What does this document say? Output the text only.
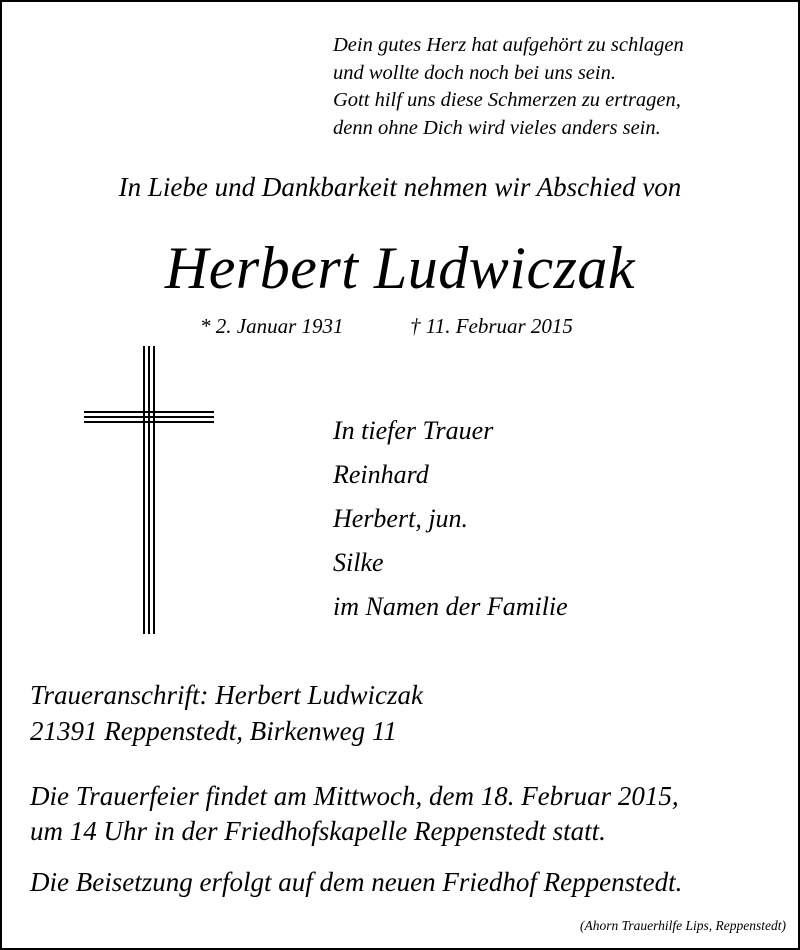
Dein gutes Herz hat aufgehört zu schlagen
und wollte doch noch bei uns sein.
Gott hilf uns diese Schmerzen zu ertragen,
denn ohne Dich wird vieles anders sein.
In Liebe und Dankbarkeit nehmen wir Abschied von
Herbert Ludwiczak
* 2. Januar 1931	† 11. Februar 2015
In tiefer Trauer
Reinhard
Herbert, jun.
Silke
im Namen der Familie
Traueranschrift: Herbert Ludwiczak
21391 Reppenstedt, Birkenweg 11
Die Trauerfeier findet am Mittwoch, dem 18. Februar 2015,
um 14 Uhr in der Friedhofskapelle Reppenstedt statt.
Die Beisetzung erfolgt auf dem neuen Friedhof Reppenstedt.
(Ahorn Trauerhilfe Lips, Reppenstedt)
